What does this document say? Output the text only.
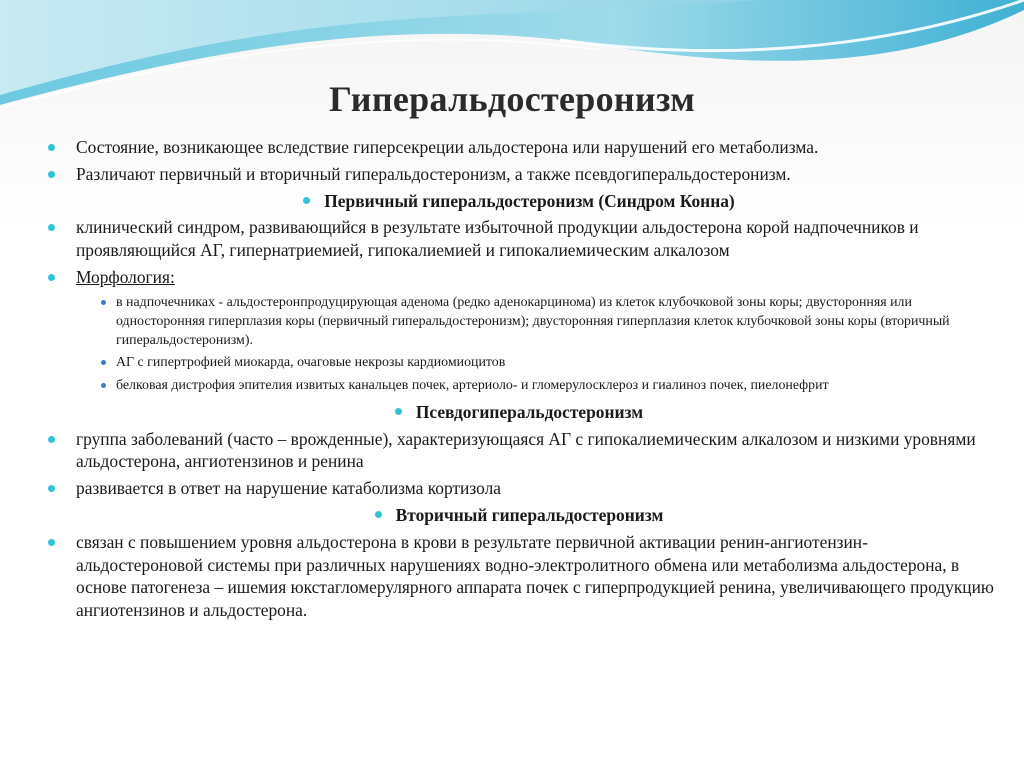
Гиперальдостеронизм
Состояние, возникающее вследствие гиперсекреции альдостерона или нарушений его метаболизма.
Различают первичный и вторичный гиперальдостеронизм, а также псевдогиперальдостеронизм.
Первичный гиперальдостеронизм (Синдром Конна)
клинический синдром, развивающийся в результате избыточной продукции альдостерона корой надпочечников и проявляющийся АГ, гипернатриемией, гипокалиемией и гипокалиемическим алкалозом
Морфология:
в надпочечниках - альдостеронпродуцирующая аденома (редко аденокарцинома) из клеток клубочковой зоны коры; двусторонняя или односторонняя гиперплазия коры (первичный гиперальдостеронизм); двусторонняя гиперплазия клеток клубочковой зоны коры (вторичный гиперальдостеронизм).
АГ с гипертрофией миокарда, очаговые некрозы кардиомиоцитов
белковая дистрофия эпителия извитых канальцев почек, артериоло- и гломерулосклероз и гиалиноз почек, пиелонефрит
Псевдогиперальдостеронизм
группа заболеваний (часто – врожденные), характеризующаяся АГ с гипокалиемическим алкалозом и низкими уровнями альдостерона, ангиотензинов и ренина
развивается в ответ на нарушение катаболизма кортизола
Вторичный гиперальдостеронизм
связан с повышением уровня альдостерона в крови в результате первичной активации ренин-ангиотензин-альдостероновой системы при различных нарушениях водно-электролитного обмена или метаболизма альдостерона, в основе патогенеза – ишемия юкстагломерулярного аппарата почек с гиперпродукцией ренина, увеличивающего продукцию ангиотензинов и альдостерона.
